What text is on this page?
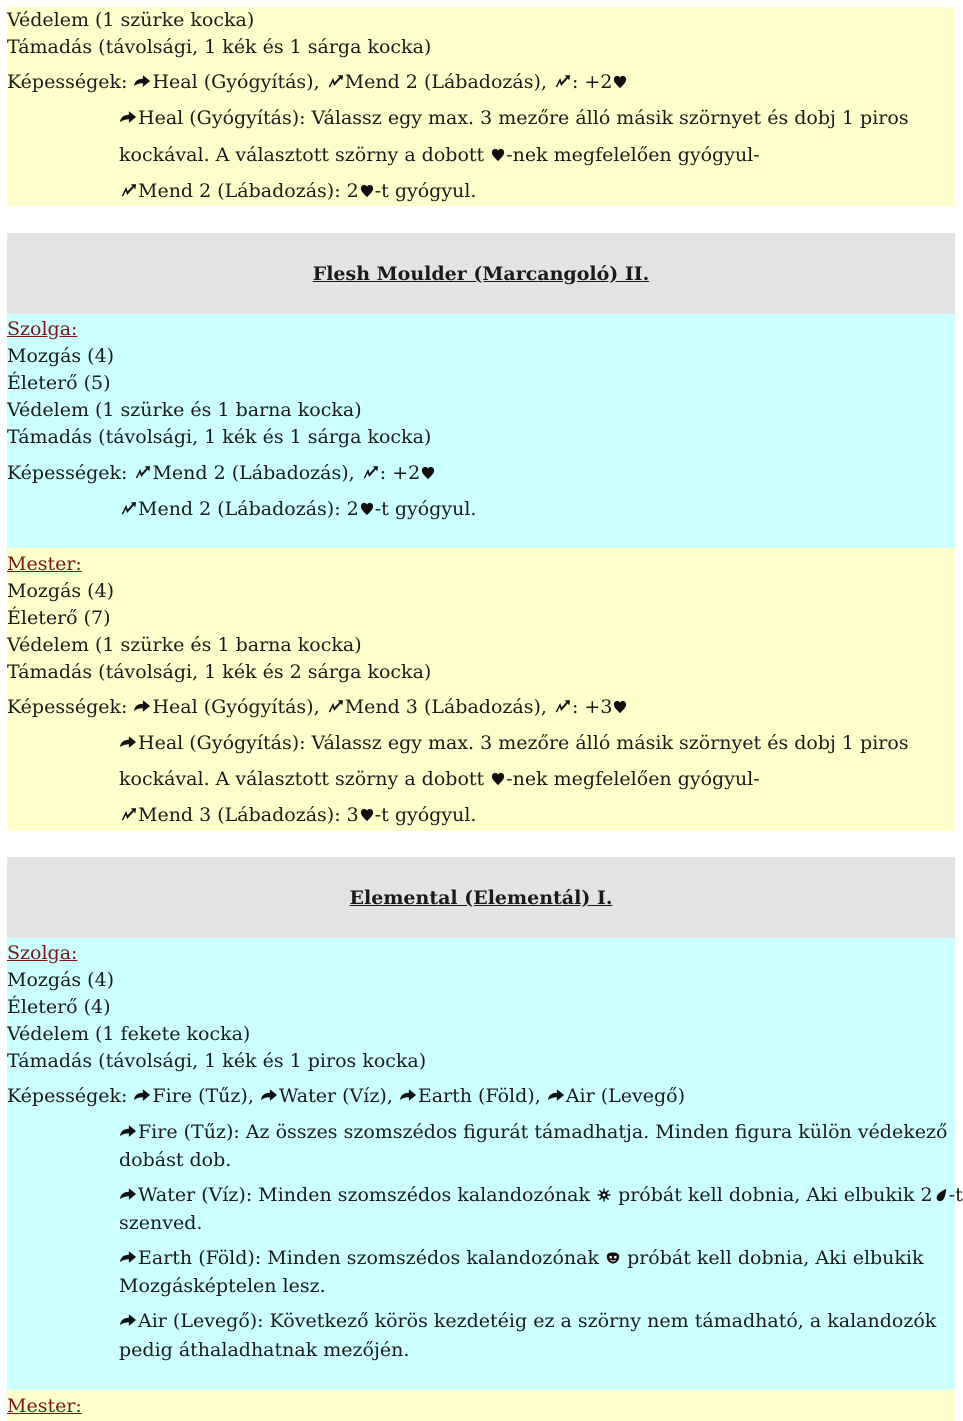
Védelem (1 szürke kocka)
Támadás (távolsági, 1 kék és 1 sárga kocka)
Képességek: Heal (Gyógyítás), Mend 2 (Lábadozás), : +2
Heal (Gyógyítás): Válassz egy max. 3 mezőre álló másik szörnyet és dobj 1 piros
kockával. A választott szörny a dobott -nek megfelelően gyógyul-
Mend 2 (Lábadozás): 2 -t gyógyul.
Flesh Moulder (Marcangoló) II.
Szolga:
Mozgás (4)
Életerő (5)
Védelem (1 szürke és 1 barna kocka)
Támadás (távolsági, 1 kék és 1 sárga kocka)
Képességek: Mend 2 (Lábadozás), : +2
Mend 2 (Lábadozás): 2 -t gyógyul.
Mester:
Mozgás (4)
Életerő (7)
Védelem (1 szürke és 1 barna kocka)
Támadás (távolsági, 1 kék és 2 sárga kocka)
Képességek: Heal (Gyógyítás), Mend 3 (Lábadozás), : +3
Heal (Gyógyítás): Válassz egy max. 3 mezőre álló másik szörnyet és dobj 1 piros
kockával. A választott szörny a dobott -nek megfelelően gyógyul-
Mend 3 (Lábadozás): 3 -t gyógyul.
Elemental (Elementál) I.
Szolga:
Mozgás (4)
Életerő (4)
Védelem (1 fekete kocka)
Támadás (távolsági, 1 kék és 1 piros kocka)
Képességek: Fire (Tűz), Water (Víz), Earth (Föld), Air (Levegő)
Fire (Tűz): Az összes szomszédos figurát támadhatja. Minden figura külön védekező
dobást dob.
Water (Víz): Minden szomszédos kalandozónak próbát kell dobnia, Aki elbukik 2 -t
szenved.
Earth (Föld): Minden szomszédos kalandozónak próbát kell dobnia, Aki elbukik
Mozgásképtelen lesz.
Air (Levegő): Következő körös kezdetéig ez a szörny nem támadható, a kalandozók
pedig áthaladhatnak mezőjén.
Mester:
